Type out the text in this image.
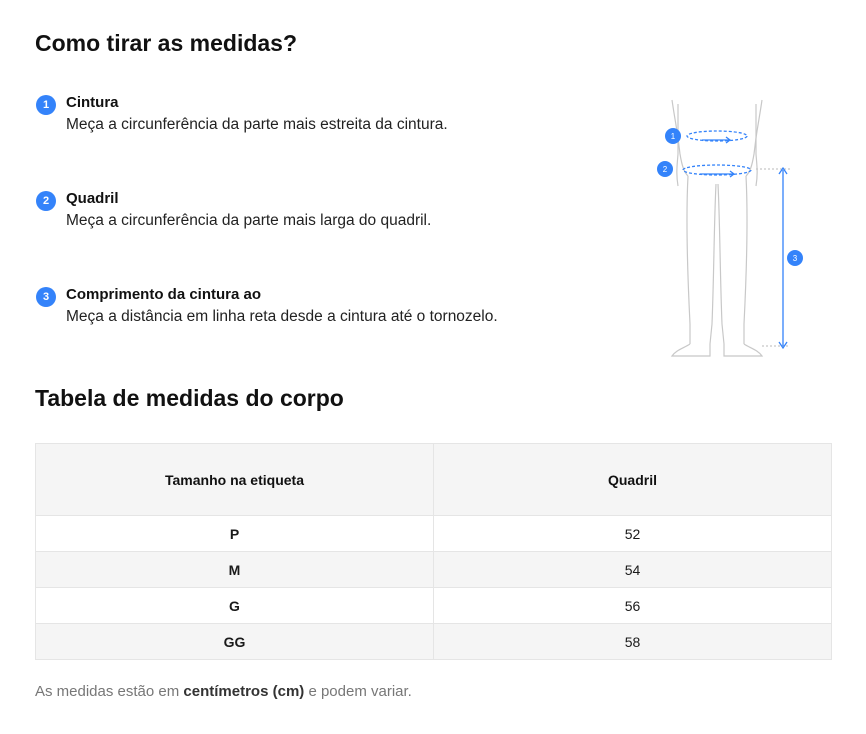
Como tirar as medidas?
1	Cintura
Meça a circunferência da parte mais estreita da cintura.
2	Quadril
Meça a circunferência da parte mais larga do quadril.
3	Comprimento da cintura ao
Meça a distância em linha reta desde a cintura até o tornozelo.
1
2
3
Tabela de medidas do corpo
Tamanho na etiqueta	Quadril
P	52
M	54
G	56
GG	58

As medidas estão em centímetros (cm) e podem variar.
